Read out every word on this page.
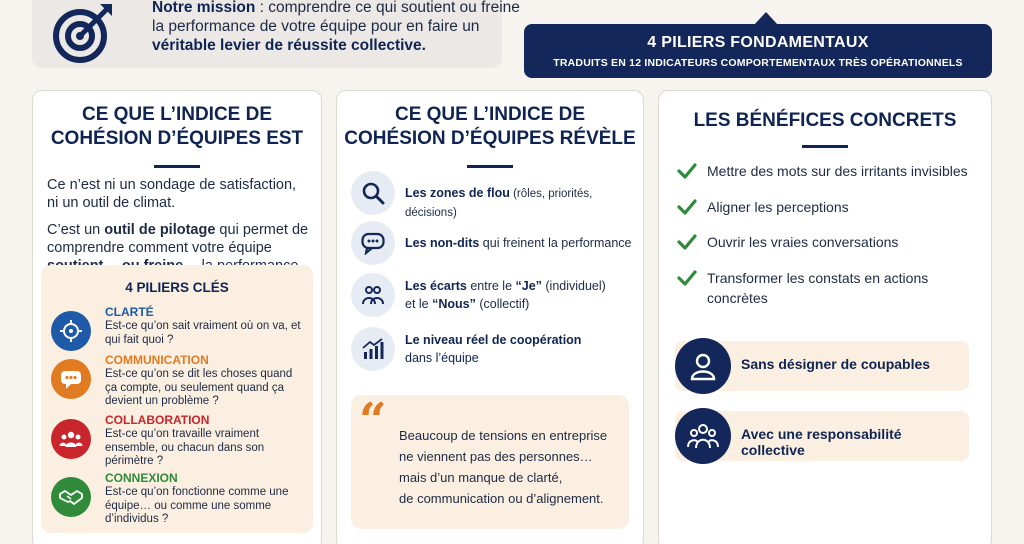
Notre mission : comprendre ce qui soutient ou freine
la performance de votre équipe pour en faire un
véritable levier de réussite collective.	4 PILIERS FONDAMENTAUX
TRADUITS EN 12 INDICATEURS COMPORTEMENTAUX TRÈS OPÉRATIONNELS
CE QUE L’INDICE DE
COHÉSION D’ÉQUIPES EST

Ce n’est ni un sondage de satisfaction,
ni un outil de climat.

C’est un outil de pilotage qui permet de comprendre comment votre équipe

4 PILIERS CLÉS
CLARTÉ
Est-ce qu’on sait vraiment où on va, et qui fait quoi ?
COMMUNICATION
Est-ce qu’on se dit les choses quand ça compte, ou seulement quand ça devient un problème ?
COLLABORATION
Est-ce qu’on travaille vraiment ensemble, ou chacun dans son périmètre ?
CONNEXION
Est-ce qu’on fonctionne comme une équipe… ou comme une somme d’individus ?
CE QUE L’INDICE DE
COHÉSION D’ÉQUIPES RÉVÈLE
Les zones de flou (rôles, priorités, décisions)
Les non-dits qui freinent la performance
Les écarts entre le “Je” (individuel)
et le “Nous” (collectif)
Le niveau réel de coopération
dans l’équipe
“ Beaucoup de tensions en entreprise
ne viennent pas des personnes…
mais d’un manque de clarté,
de communication ou d’alignement.
LES BÉNÉFICES CONCRETS
Mettre des mots sur des irritants invisibles
Aligner les perceptions
Ouvrir les vraies conversations
Transformer les constats en actions concrètes
Sans désigner de coupables
Avec une responsabilité collective
